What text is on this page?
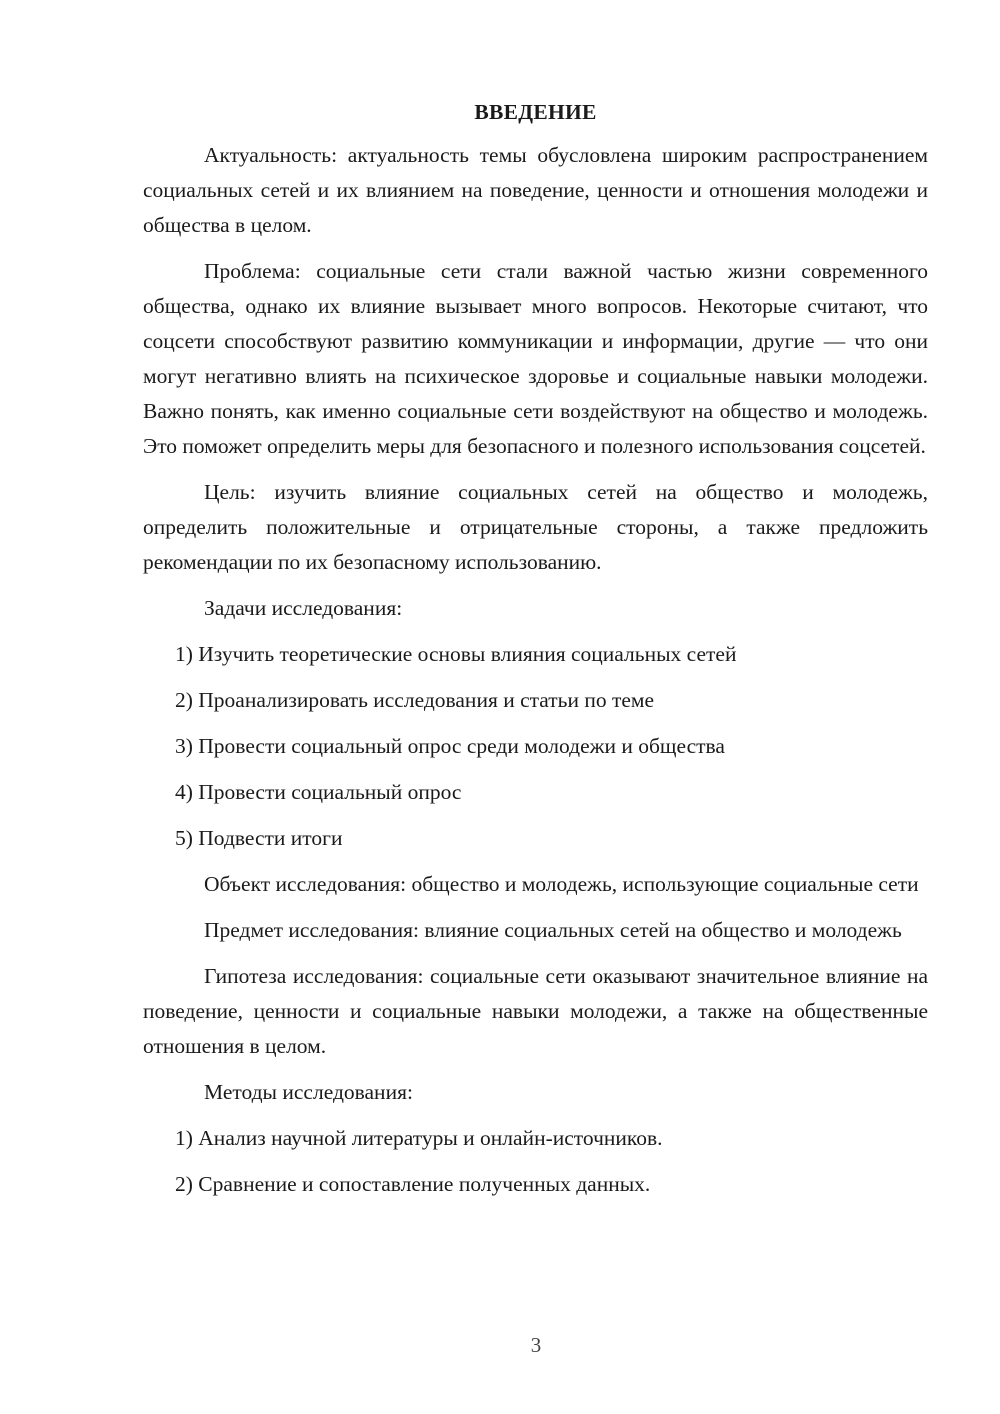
ВВЕДЕНИЕ

Актуальность: актуальность темы обусловлена широким распространением социальных сетей и их влиянием на поведение, ценности и отношения молодежи и общества в целом.

Проблема: социальные сети стали важной частью жизни современного общества, однако их влияние вызывает много вопросов. Некоторые считают, что соцсети способствуют развитию коммуникации и информации, другие — что они могут негативно влиять на психическое здоровье и социальные навыки молодежи. Важно понять, как именно социальные сети воздействуют на общество и молодежь. Это поможет определить меры для безопасного и полезного использования соцсетей.

Цель: изучить влияние социальных сетей на общество и молодежь, определить положительные и отрицательные стороны, а также предложить рекомендации по их безопасному использованию.

Задачи исследования:

1) Изучить теоретические основы влияния социальных сетей
2) Проанализировать исследования и статьи по теме
3) Провести социальный опрос среди молодежи и общества
4) Провести социальный опрос
5) Подвести итоги

Объект исследования: общество и молодежь, использующие социальные сети

Предмет исследования: влияние социальных сетей на общество и молодежь

Гипотеза исследования: социальные сети оказывают значительное влияние на поведение, ценности и социальные навыки молодежи, а также на общественные отношения в целом.

Методы исследования:

1) Анализ научной литературы и онлайн-источников.
2) Сравнение и сопоставление полученных данных.
3
